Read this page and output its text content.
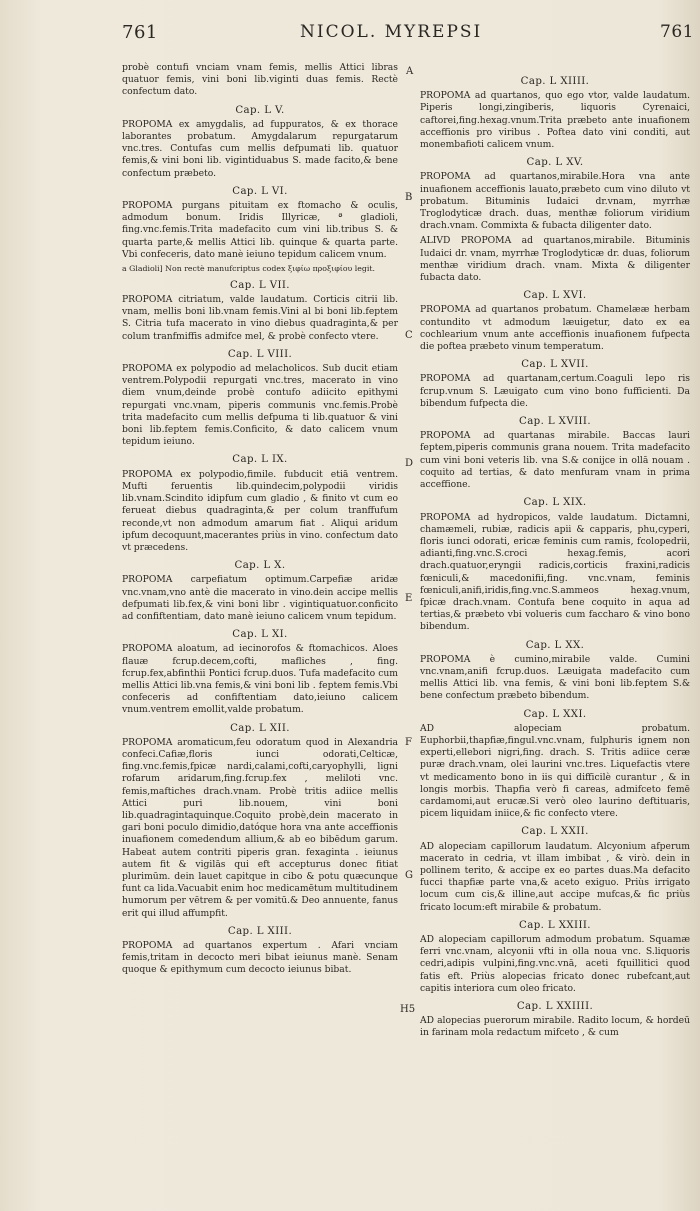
761	NICOL. MYREPSI	761
A
B
C
D
E
F
G
H5

probè contufi vnciam vnam femis, mellis Attici libras quatuor femis, vini boni lib.viginti duas femis. Rectè confectum dato.

Cap. L V.

PROPOMA ex amygdalis, ad fuppuratos, & ex thorace laborantes probatum. Amygdalarum repurgatarum vnc.tres. Contufas cum mellis defpumati lib. quatuor femis,& vini boni lib. vigintiduabus S. made facito,& bene confectum præbeto.

Cap. L VI.

PROPOMA purgans pituitam ex ftomacho & oculis, admodum bonum. Iridis Illyricæ, ª gladioli, fing.vnc.femis.Trita madefacito cum vini lib.tribus S. & quarta parte,& mellis Attici lib. quinque & quarta parte. Vbi confeceris, dato manè ieiuno tepidum calicem vnum.

a Gladioli] Non rectè manufcriptus codex ξιφίω προξιφίου legit.

Cap. L VII.

PROPOMA citriatum, valde laudatum. Corticis citrii lib. vnam, mellis boni lib.vnam femis.Vini al bi boni lib.feptem S. Citria tufa macerato in vino diebus quadraginta,& per colum tranfmiffis admifce mel, & probè confecto vtere.

Cap. L VIII.

PROPOMA ex polypodio ad melacholicos. Sub ducit etiam ventrem.Polypodii repurgati vnc.tres, macerato in vino diem vnum,deinde probè contufo adiicito epithymi repurgati vnc.vnam, piperis communis vnc.femis.Probè trita madefacito cum mellis defpuma ti lib.quatuor & vini boni lib.feptem femis.Conficito, & dato calicem vnum tepidum ieiuno.

Cap. L IX.

PROPOMA ex polypodio,fimile. fubducit etiā ventrem. Mufti feruentis lib.quindecim,polypodii viridis lib.vnam.Scindito idipfum cum gladio , & finito vt cum eo ferueat diebus quadraginta,& per colum tranffufum reconde,vt non admodum amarum fiat . Aliqui aridum ipfum decoquunt,macerantes priùs in vino. confectum dato vt præcedens.

Cap. L X.

PROPOMA carpefiatum optimum.Carpefiæ aridæ vnc.vnam,vno antè die macerato in vino.dein accipe mellis defpumati lib.fex,& vini boni libr . vigintiquatuor.conficito ad confiftentiam, dato manè ieiuno calicem vnum tepidum.

Cap. L XI.

PROPOMA aloatum, ad iecinorofos & ftomachicos. Aloes flauæ fcrup.decem,cofti, mafliches , fing. fcrup.fex,abfinthii Pontici fcrup.duos. Tufa madefacito cum mellis Attici lib.vna femis,& vini boni lib . feptem femis.Vbi confeceris ad confiftentiam dato,ieiuno calicem vnum.ventrem emollit,valde probatum.

Cap. L XII.

PROPOMA aromaticum,feu odoratum quod in Alexandria confeci.Cafiæ,floris iunci odorati,Celticæ, fing.vnc.femis,fpicæ nardi,calami,cofti,caryophylli, ligni rofarum aridarum,fing.fcrup.fex , meliloti vnc. femis,maftiches drach.vnam. Probè tritis adiice mellis Attici puri lib.nouem, vini boni lib.quadragintaquinque.Coquito probè,dein macerato in gari boni poculo dimidio,datóque hora vna ante acceffionis inuafionem comedendum allium,& ab eo bibēdum garum. Habeat autem contriti piperis gran. fexaginta . ieiunus autem fit & vigilās qui eft accepturus donec fitiat plurimūm. dein lauet capitque in cibo & potu quæcunque funt ca lida.Vacuabit enim hoc medicamētum multitudinem humorum per vētrem & per vomitū.& Deo annuente, fanus erit qui illud affumpfit.

Cap. L XIII.

PROPOMA ad quartanos expertum . Afari vnciam femis,tritam in decocto meri bibat ieiunus manè. Senam quoque & epithymum cum decocto ieiunus bibat.

Cap. L XIIII.

PROPOMA ad quartanos, quo ego vtor, valde laudatum. Piperis longi,zingiberis, liquoris Cyrenaici, caftorei,fing.hexag.vnum.Trita præbeto ante inuafionem acceffionis pro viribus . Poftea dato vini conditi, aut monembafioti calicem vnum.

Cap. L XV.

PROPOMA ad quartanos,mirabile.Hora vna ante inuafionem acceffionis lauato,præbeto cum vino diluto vt probatum. Bituminis Iudaici dr.vnam, myrrhæ Troglodyticæ drach. duas, menthæ foliorum viridium drach.vnam. Commixta & fubacta diligenter dato.

ALIVD PROPOMA ad quartanos,mirabile. Bituminis Iudaici dr. vnam, myrrhæ Troglodyticæ dr. duas, foliorum menthæ viridium drach. vnam. Mixta & diligenter fubacta dato.

Cap. L XVI.

PROPOMA ad quartanos probatum. Chamelææ herbam contundito vt admodum læuigetur, dato ex ea cochlearium vnum ante acceffionis inuafionem fufpecta die poftea præbeto vinum temperatum.

Cap. L XVII.

PROPOMA ad quartanam,certum.Coaguli lepo ris fcrup.vnum S. Læuigato cum vino bono fufficienti. Da bibendum fufpecta die.

Cap. L XVIII.

PROPOMA ad quartanas mirabile. Baccas lauri feptem,piperis communis grana nouem. Trita madefacito cum vini boni veteris lib. vna S.& conijce in ollā nouam . coquito ad tertias, & dato menfuram vnam in prima acceffione.

Cap. L XIX.

PROPOMA ad hydropicos, valde laudatum. Dictamni, chamæmeli, rubiæ, radicis apii & capparis, phu,cyperi, floris iunci odorati, ericæ feminis cum ramis, fcolopedrii, adianti,fing.vnc.S.croci hexag.femis, acori drach.quatuor,eryngii radicis,corticis fraxini,radicis fœniculi,& macedonifii,fing. vnc.vnam, feminis fœniculi,anifi,iridis,fing.vnc.S.ammeos hexag.vnum, fpicæ drach.vnam. Contufa bene coquito in aqua ad tertias,& præbeto vbi volueris cum faccharo & vino bono bibendum.

Cap. L XX.

PROPOMA è cumino,mirabile valde. Cumini vnc.vnam,anifi fcrup.duos. Læuigata madefacito cum mellis Attici lib. vna femis, & vini boni lib.feptem S.& bene confectum præbeto bibendum.

Cap. L XXI.

AD alopeciam probatum. Euphorbii,thapfiæ,fingul.vnc.vnam, fulphuris ignem non experti,ellebori nigri,fing. drach. S. Tritis adiice ceræ puræ drach.vnam, olei laurini vnc.tres. Liquefactis vtere vt medicamento bono in iis qui difficilè curantur , & in longis morbis. Thapfia verò fi careas, admifceto femē cardamomi,aut erucæ.Si verò oleo laurino deftituaris, picem liquidam iniice,& fic confecto vtere.

Cap. L XXII.

AD alopeciam capillorum laudatum. Alcyonium afperum macerato in cedria, vt illam imbibat , & virò. dein in pollinem terito, & accipe ex eo partes duas.Ma defacito fucci thapfiæ parte vna,& aceto exiguo. Priùs irrigato locum cum cis,& illine,aut accipe mufcas,& fic priùs fricato locum:eft mirabile & probatum.

Cap. L XXIII.

AD alopeciam capillorum admodum probatum. Squamæ ferri vnc.vnam, alcyonii vfti in olla noua vnc. S.liquoris cedri,adipis vulpini,fing.vnc.vnā, aceti fquillitici quod fatis eft. Priùs alopecias fricato donec rubefcant,aut capitis interiora cum oleo fricato.

Cap. L XXIIII.

AD alopecias puerorum mirabile. Radito locum, & hordeū in farinam mola redactum mifceto , & cum
